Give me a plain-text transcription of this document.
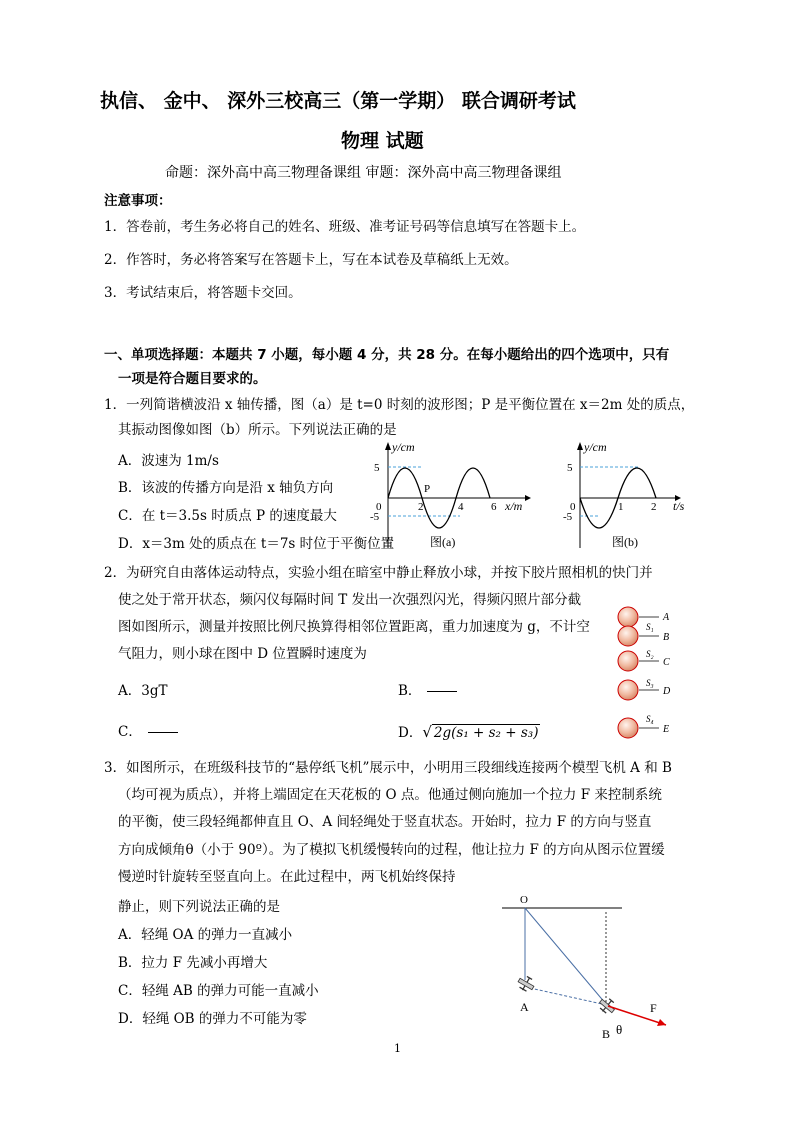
执信、 金中、 深外三校高三（第一学期） 联合调研考试
物理 试题
命题：深外高中高三物理备课组 审题：深外高中高三物理备课组
注意事项：
1．答卷前，考生务必将自己的姓名、班级、准考证号码等信息填写在答题卡上。
2．作答时，务必将答案写在答题卡上，写在本试卷及草稿纸上无效。
3．考试结束后，将答题卡交回。
一、单项选择题：本题共 7 小题，每小题 4 分，共 28 分。在每小题给出的四个选项中，只有
一项是符合题目要求的。
1．一列简谐横波沿 x 轴传播，图（a）是 t=0 时刻的波形图；P 是平衡位置在 x＝2m 处的质点，
其振动图像如图（b）所示。下列说法正确的是
A．波速为 1m/s
B．该波的传播方向是沿 x 轴负方向
C．在 t＝3.5s 时质点 P 的速度最大
D．x＝3m 处的质点在 t＝7s 时位于平衡位置
y/cm
5
-5
0	2	4	6
P
x/m
图(a)
y/cm
5
-5
0	1	2 t/s
图(b)
2．为研究自由落体运动特点，实验小组在暗室中静止释放小球，并按下胶片照相机的快门并
使之处于常开状态，频闪仪每隔时间 T 发出一次强烈闪光，得频闪照片部分截
图如图所示，测量并按照比例尺换算得相邻位置距离，重力加速度为 g，不计空
气阻力，则小球在图中 D 位置瞬时速度为
A．3gT	B．
C．	D．√ 2g(s₁ + s₂ + s₃)
A
S₁
B
S₂
C
S₃
D
S₄
E
3．如图所示，在班级科技节的“悬停纸飞机”展示中，小明用三段细线连接两个模型飞机 A 和 B
（均可视为质点），并将上端固定在天花板的 O 点。他通过侧向施加一个拉力 F 来控制系统
的平衡，使三段轻绳都伸直且 O、A 间轻绳处于竖直状态。开始时，拉力 F 的方向与竖直
方向成倾角θ（小于 90º）。为了模拟飞机缓慢转向的过程，他让拉力 F 的方向从图示位置缓
慢逆时针旋转至竖直向上。在此过程中，两飞机始终保持
静止，则下列说法正确的是
A．轻绳 OA 的弹力一直减小
B．拉力 F 先减小再增大
C．轻绳 AB 的弹力可能一直减小
D．轻绳 OB 的弹力不可能为零
O
A
B θ
F
1
